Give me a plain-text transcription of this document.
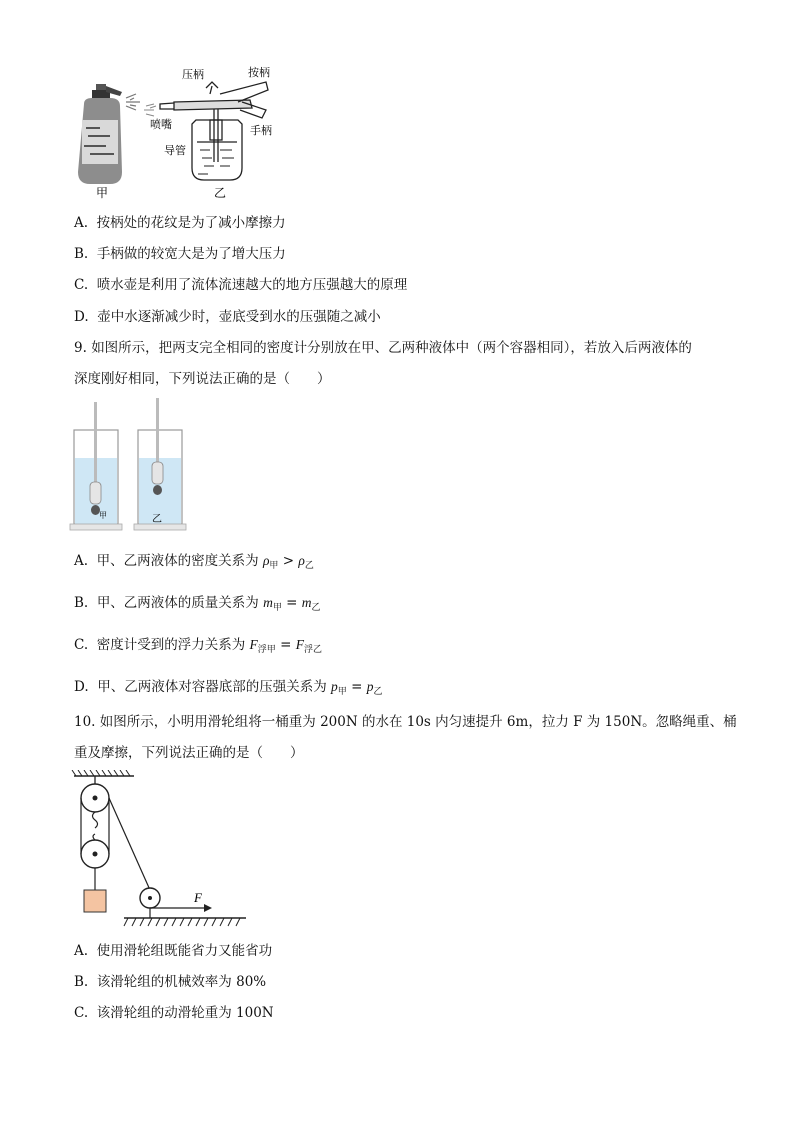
甲
压柄	按柄
喷嘴	手柄
导管
乙
A. 按柄处的花纹是为了减小摩擦力
B. 手柄做的较宽大是为了增大压力
C. 喷水壶是利用了流体流速越大的地方压强越大的原理
D. 壶中水逐渐减少时，壶底受到水的压强随之减小
9. 如图所示，把两支完全相同的密度计分别放在甲、乙两种液体中（两个容器相同），若放入后两液体的
深度刚好相同，下列说法正确的是（　　）
甲	乙
A. 甲、乙两液体的密度关系为 $\rho_甲 > \rho_乙$
B. 甲、乙两液体的质量关系为 $m_甲 = m_乙$
C. 密度计受到的浮力关系为 $F_{浮甲} = F_{浮乙}$
D. 甲、乙两液体对容器底部的压强关系为 $p_甲 = p_乙$
10. 如图所示，小明用滑轮组将一桶重为 200N 的水在 10s 内匀速提升 6m，拉力 F 为 150N。忽略绳重、桶
重及摩擦，下列说法正确的是（　　）
F
A. 使用滑轮组既能省力又能省功
B. 该滑轮组的机械效率为 80%
C. 该滑轮组的动滑轮重为 100N
